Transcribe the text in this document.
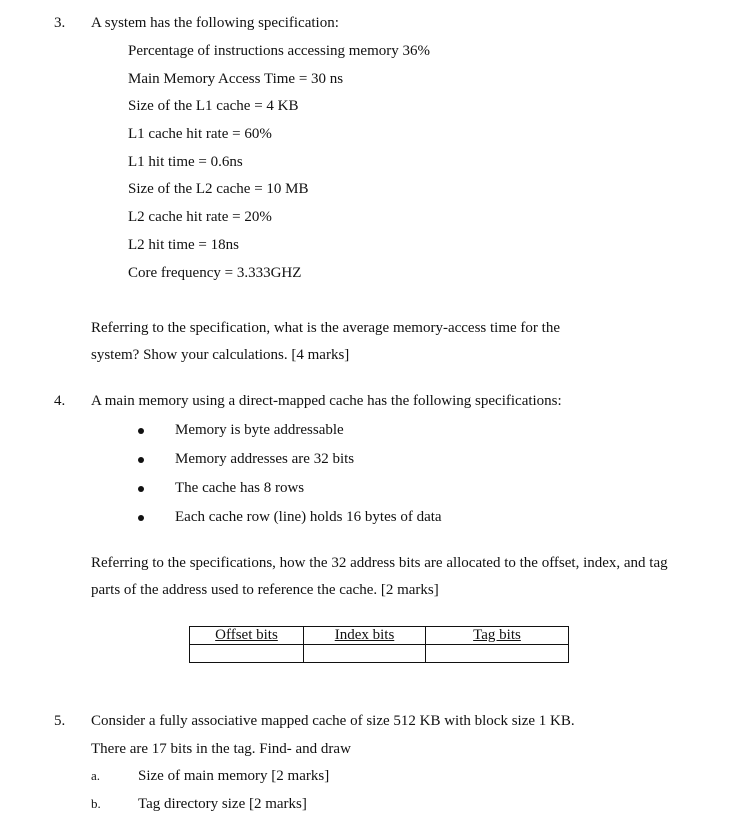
3. A system has the following specification:
Percentage of instructions accessing memory 36%
Main Memory Access Time = 30 ns
Size of the L1 cache = 4 KB
L1 cache hit rate = 60%
L1 hit time = 0.6ns
Size of the L2 cache = 10 MB
L2 cache hit rate = 20%
L2 hit time = 18ns
Core frequency = 3.333GHZ
Referring to the specification, what is the average memory-access time for the
system? Show your calculations. [4 marks]
4. A main memory using a direct-mapped cache has the following specifications:
Memory is byte addressable
Memory addresses are 32 bits
The cache has 8 rows
Each cache row (line) holds 16 bytes of data
Referring to the specifications, how the 32 address bits are allocated to the offset, index, and tag
parts of the address used to reference the cache. [2 marks]
Offset bits	Index bits	Tag bits

5. Consider a fully associative mapped cache of size 512 KB with block size 1 KB.
There are 17 bits in the tag. Find- and draw
a.	Size of main memory [2 marks]
b. Tag directory size [2 marks]
